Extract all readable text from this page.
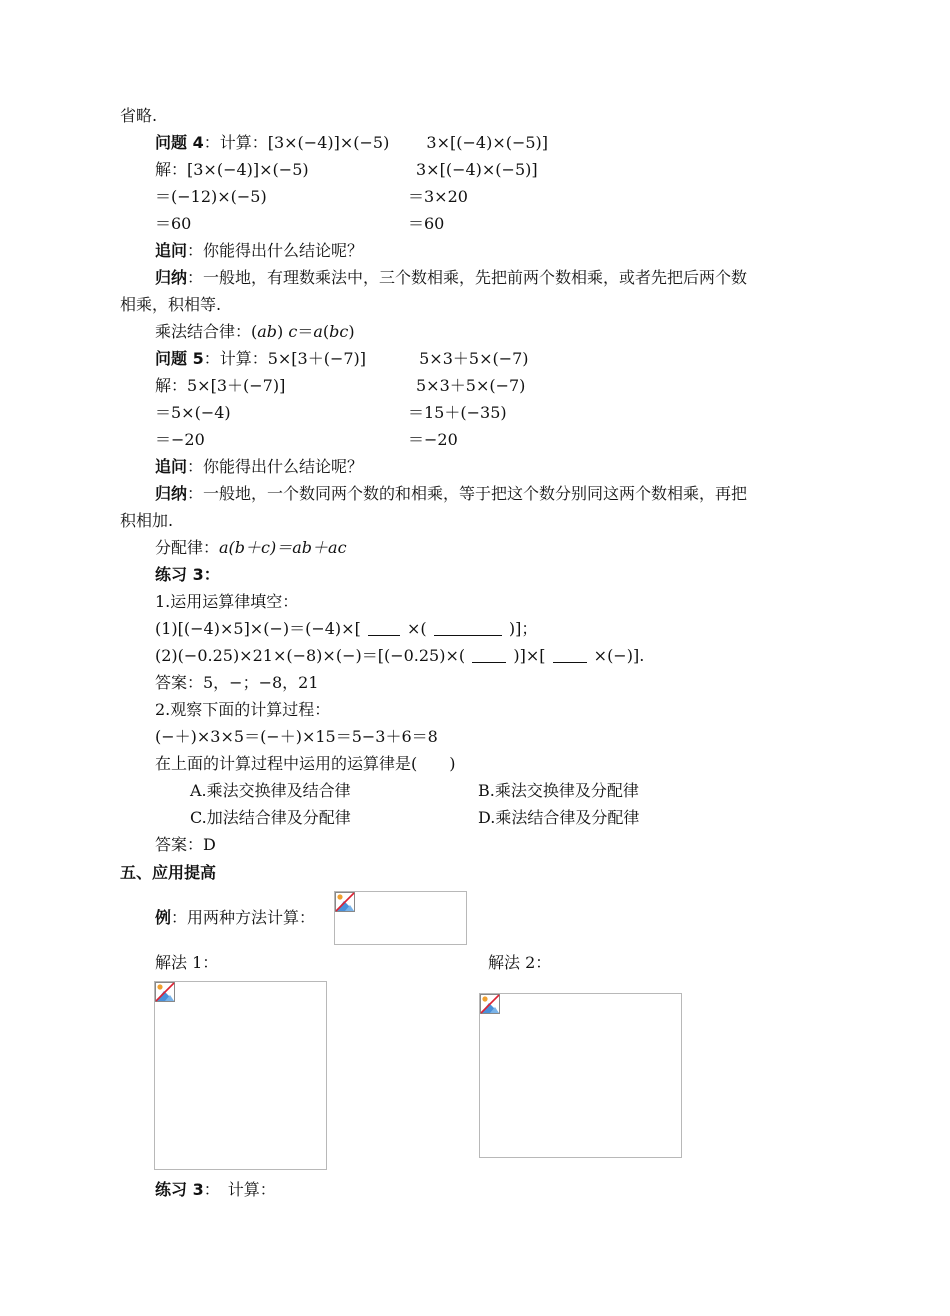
省略.
问题 4：计算：[3×(−4)]×(−5)　　 3×[(−4)×(−5)]
解：[3×(−4)]×(−5)	3×[(−4)×(−5)]
＝(−12)×(−5)	＝3×20
＝60	＝60
追问：你能得出什么结论呢？
归纳：一般地，有理数乘法中，三个数相乘，先把前两个数相乘，或者先把后两个数
相乘，积相等.
乘法结合律：(ab) c＝a(bc)
问题 5：计算：5×[3＋(−7)]　　　 5×3＋5×(−7)
解：5×[3＋(−7)]	5×3＋5×(−7)
＝5×(−4)	＝15＋(−35)
＝−20	＝−20
追问：你能得出什么结论呢？
归纳：一般地，一个数同两个数的和相乘，等于把这个数分别同这两个数相乘，再把
积相加.
分配律：a(b＋c)＝ab＋ac
练习 3：
1.运用运算律填空：
(1)[(−4)×5]×(−)＝(−4)×[	×(	)]；
(2)(−0.25)×21×(−8)×(−)＝[(−0.25)×(	)]×[	×(−)].
答案：5，−；−8，21
2.观察下面的计算过程：
(−＋)×3×5＝(−＋)×15＝5−3＋6＝8
在上面的计算过程中运用的运算律是(　　)
A.乘法交换律及结合律	B.乘法交换律及分配律
C.加法结合律及分配律	D.乘法结合律及分配律
答案：D
五、应用提高
例：用两种方法计算：
解法 1：	解法 2：
练习 3：　计算：
